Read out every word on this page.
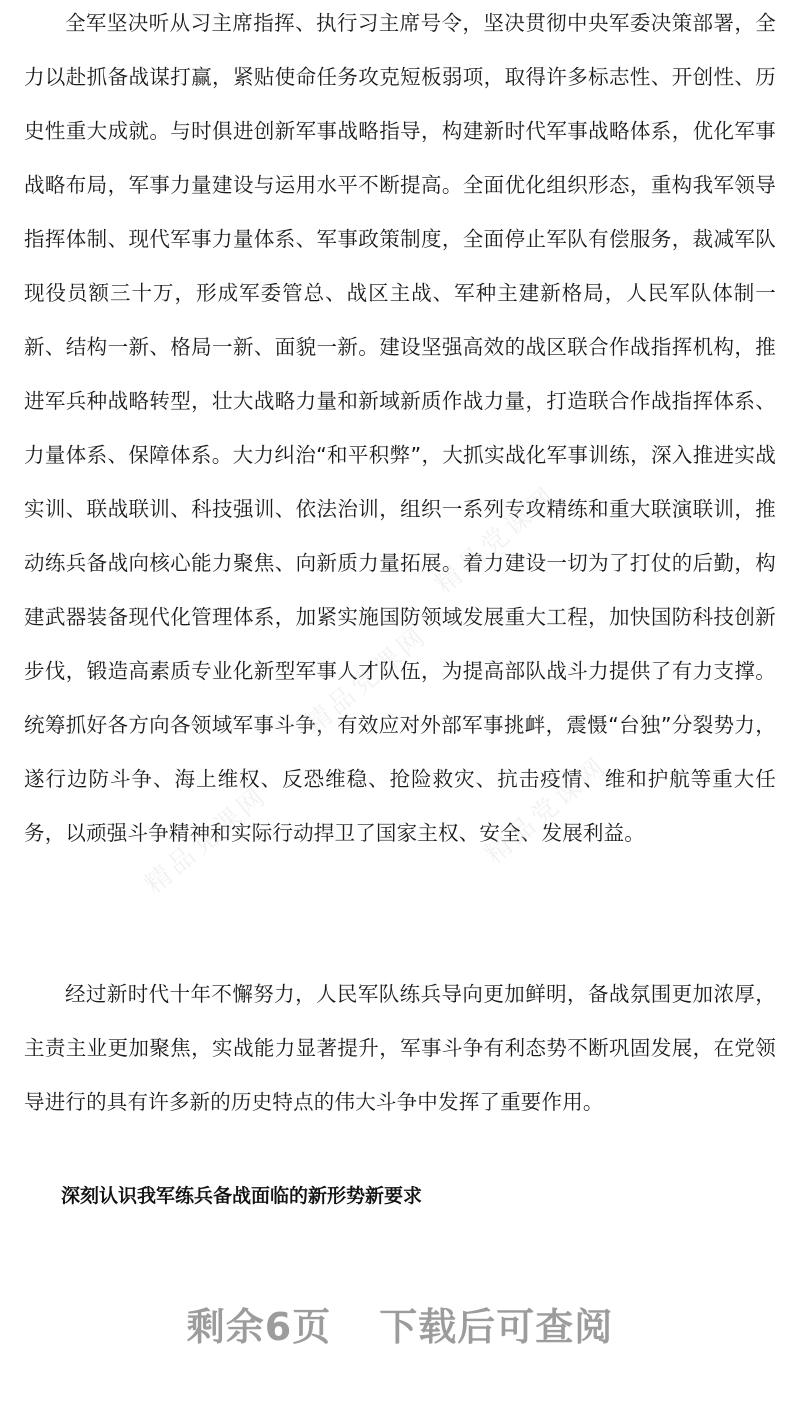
全军坚决听从习主席指挥、执行习主席号令，坚决贯彻中央军委决策部署，全力以赴抓备战谋打赢，紧贴使命任务攻克短板弱项，取得许多标志性、开创性、历史性重大成就。与时俱进创新军事战略指导，构建新时代军事战略体系，优化军事战略布局，军事力量建设与运用水平不断提高。全面优化组织形态，重构我军领导指挥体制、现代军事力量体系、军事政策制度，全面停止军队有偿服务，裁减军队现役员额三十万，形成军委管总、战区主战、军种主建新格局，人民军队体制一新、结构一新、格局一新、面貌一新。建设坚强高效的战区联合作战指挥机构，推进军兵种战略转型，壮大战略力量和新域新质作战力量，打造联合作战指挥体系、力量体系、保障体系。大力纠治“和平积弊”，大抓实战化军事训练，深入推进实战实训、联战联训、科技强训、依法治训，组织一系列专攻精练和重大联演联训，推动练兵备战向核心能力聚焦、向新质力量拓展。着力建设一切为了打仗的后勤，构建武器装备现代化管理体系，加紧实施国防领域发展重大工程，加快国防科技创新步伐，锻造高素质专业化新型军事人才队伍，为提高部队战斗力提供了有力支撑。统筹抓好各方向各领域军事斗争，有效应对外部军事挑衅，震慑“台独”分裂势力，遂行边防斗争、海上维权、反恐维稳、抢险救灾、抗击疫情、维和护航等重大任务，以顽强斗争精神和实际行动捍卫了国家主权、安全、发展利益。

经过新时代十年不懈努力，人民军队练兵导向更加鲜明，备战氛围更加浓厚，主责主业更加聚焦，实战能力显著提升，军事斗争有利态势不断巩固发展，在党领导进行的具有许多新的历史特点的伟大斗争中发挥了重要作用。

深刻认识我军练兵备战面临的新形势新要求
精品党课网
精品党课网
精品党课网	精品党课网
剩余6页 下载后可查阅
